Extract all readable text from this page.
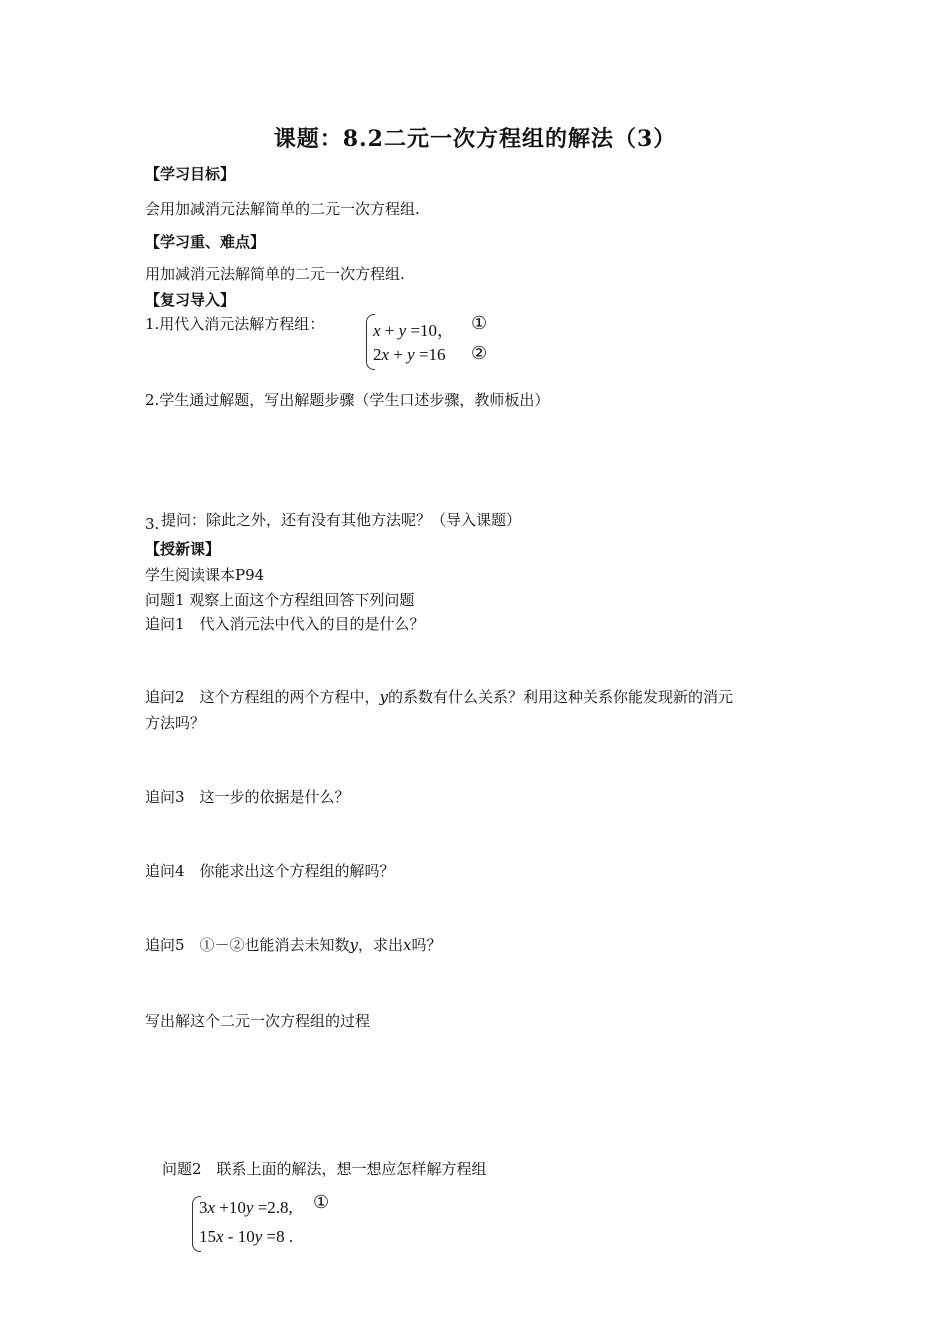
课题：8.2二元一次方程组的解法（3）
【学习目标】
会用加减消元法解简单的二元一次方程组.
【学习重、难点】
用加减消元法解简单的二元一次方程组.
【复习导入】
1.用代入消元法解方程组：	x + y =10， ①
2x + y =16 ②
2.学生通过解题，写出解题步骤（学生口述步骤，教师板出）
3. 提问：除此之外，还有没有其他方法呢？（导入课题）
【授新课】
学生阅读课本P94
问题1 观察上面这个方程组回答下列问题
追问1　代入消元法中代入的目的是什么？
追问2　这个方程组的两个方程中，y的系数有什么关系？利用这种关系你能发现新的消元
方法吗？
追问3　这一步的依据是什么？
追问4　你能求出这个方程组的解吗？
追问5　①－②也能消去未知数y，求出x吗？
写出解这个二元一次方程组的过程
问题2　联系上面的解法，想一想应怎样解方程组
3x +10y =2.8, ①
15x - 10y =8 .
